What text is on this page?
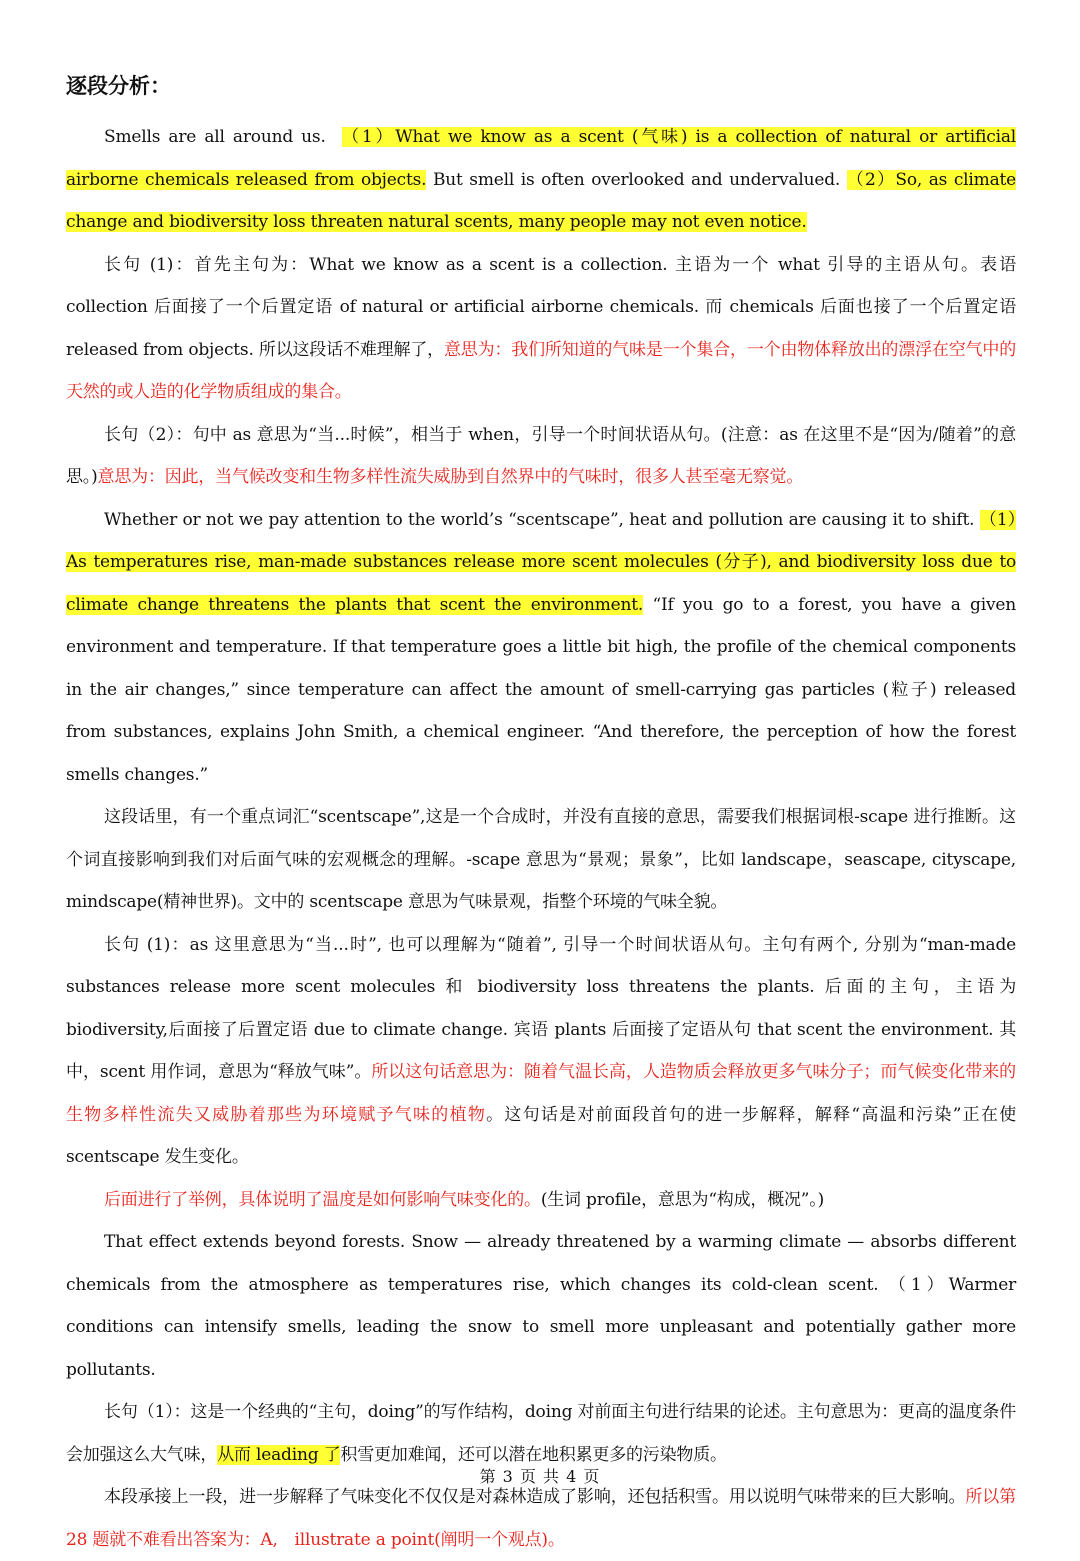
逐段分析：

Smells are all around us. （1）What we know as a scent (气味) is a collection of natural or artificial airborne chemicals released from objects. But smell is often overlooked and undervalued. （2）So, as climate change and biodiversity loss threaten natural scents, many people may not even notice.

长句 (1)：首先主句为：What we know as a scent is a collection. 主语为一个 what 引导的主语从句。表语 collection 后面接了一个后置定语 of natural or artificial airborne chemicals. 而 chemicals 后面也接了一个后置定语 released from objects. 所以这段话不难理解了，意思为：我们所知道的气味是一个集合，一个由物体释放出的漂浮在空气中的天然的或人造的化学物质组成的集合。

长句（2）：句中 as 意思为“当...时候”，相当于 when，引导一个时间状语从句。(注意：as 在这里不是“因为/随着”的意思。)意思为：因此，当气候改变和生物多样性流失威胁到自然界中的气味时，很多人甚至毫无察觉。

Whether or not we pay attention to the world’s “scentscape”, heat and pollution are causing it to shift. （1）As temperatures rise, man-made substances release more scent molecules (分子), and biodiversity loss due to climate change threatens the plants that scent the environment. “If you go to a forest, you have a given environment and temperature. If that temperature goes a little bit high, the profile of the chemical components in the air changes,” since temperature can affect the amount of smell-carrying gas particles (粒子) released from substances, explains John Smith, a chemical engineer. “And therefore, the perception of how the forest smells changes.”

这段话里，有一个重点词汇“scentscape”,这是一个合成时，并没有直接的意思，需要我们根据词根-scape 进行推断。这个词直接影响到我们对后面气味的宏观概念的理解。-scape 意思为“景观；景象”，比如 landscape，seascape, cityscape, mindscape(精神世界)。文中的 scentscape 意思为气味景观，指整个环境的气味全貌。

长句 (1)：as 这里意思为“当...时”, 也可以理解为“随着”, 引导一个时间状语从句。主句有两个, 分别为“man-made substances release more scent molecules 和 biodiversity loss threatens the plants. 后面的主句，主语为 biodiversity,后面接了后置定语 due to climate change. 宾语 plants 后面接了定语从句 that scent the environment. 其中，scent 用作词，意思为“释放气味”。所以这句话意思为：随着气温长高，人造物质会释放更多气味分子；而气候变化带来的生物多样性流失又威胁着那些为环境赋予气味的植物。这句话是对前面段首句的进一步解释，解释“高温和污染”正在使 scentscape 发生变化。

后面进行了举例，具体说明了温度是如何影响气味变化的。(生词 profile，意思为“构成，概况”。)

That effect extends beyond forests. Snow — already threatened by a warming climate — absorbs different chemicals from the atmosphere as temperatures rise, which changes its cold-clean scent. （1）Warmer conditions can intensify smells, leading the snow to smell more unpleasant and potentially gather more pollutants.

长句（1）：这是一个经典的“主句，doing”的写作结构，doing 对前面主句进行结果的论述。主句意思为：更高的温度条件会加强这么大气味，从而 leading 了积雪更加难闻，还可以潜在地积累更多的污染物质。

本段承接上一段，进一步解释了气味变化不仅仅是对森林造成了影响，还包括积雪。用以说明气味带来的巨大影响。所以第 28 题就不难看出答案为：A,　illustrate a point(阐明一个观点)。

第 3 页 共 4 页
